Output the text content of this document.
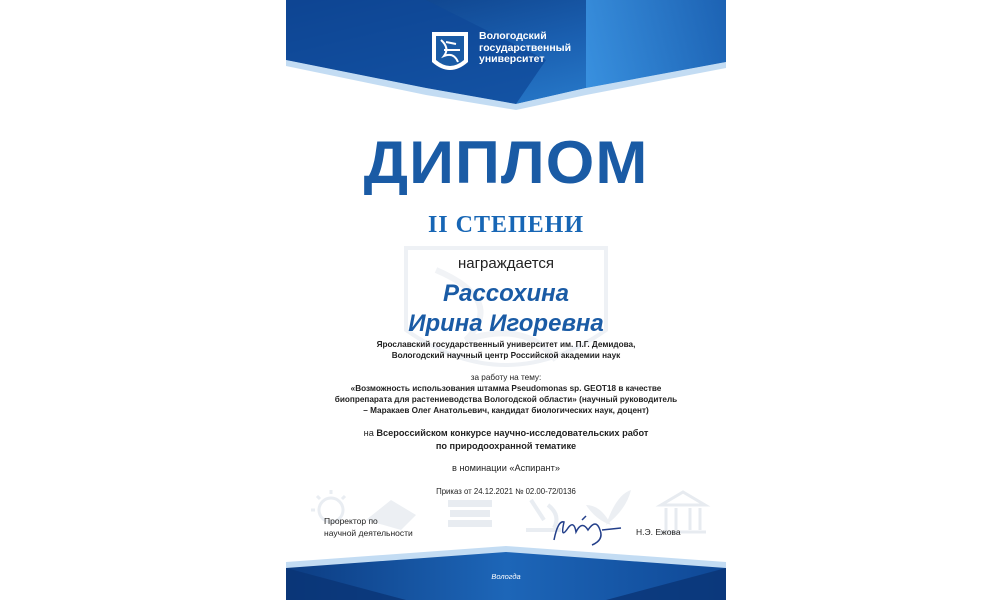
Вологодский
государственный
университет
ДИПЛОМ
II СТЕПЕНИ
награждается
Рассохина
Ирина Игоревна
Ярославский государственный университет им. П.Г. Демидова,
Вологодский научный центр Российской академии наук
за работу на тему:
«Возможность использования штамма Pseudomonas sp. GEOT18 в качестве
биопрепарата для растениеводства Вологодской области» (научный руководитель
– Маракаев Олег Анатольевич, кандидат биологических наук, доцент)
на Всероссийском конкурсе научно-исследовательских работ
по природоохранной тематике
в номинации «Аспирант»
Приказ от 24.12.2021 № 02.00-72/0136
Проректор по
научной деятельности	Н.Э. Ежова
Вологда
